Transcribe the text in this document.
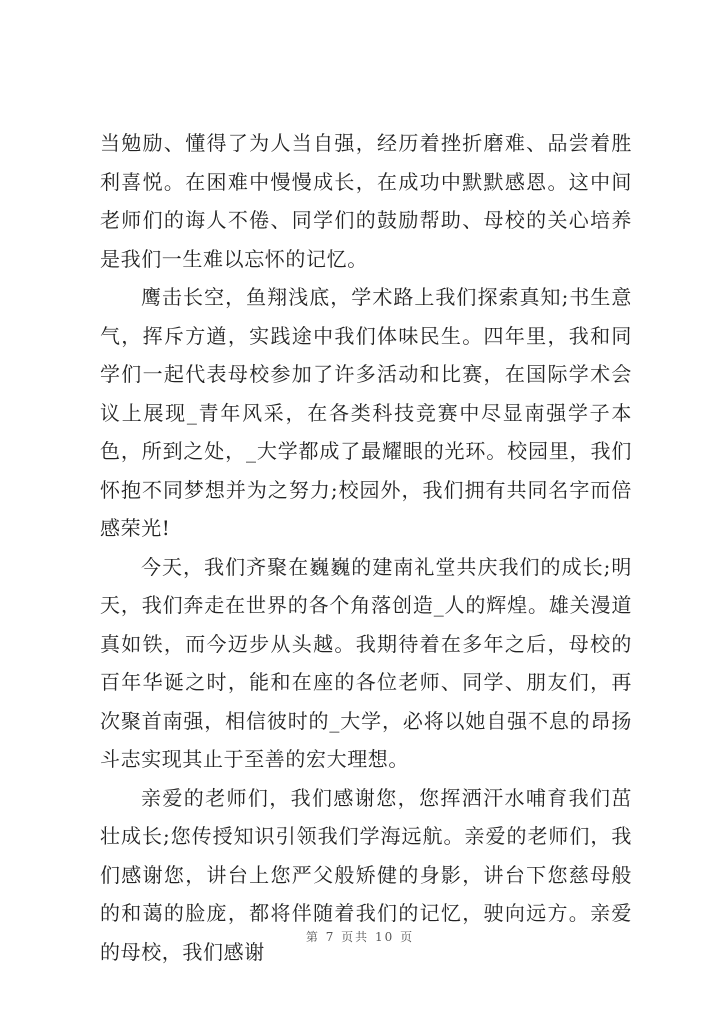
当勉励、懂得了为人当自强，经历着挫折磨难、品尝着胜利喜悦。在困难中慢慢成长，在成功中默默感恩。这中间老师们的诲人不倦、同学们的鼓励帮助、母校的关心培养是我们一生难以忘怀的记忆。

鹰击长空，鱼翔浅底，学术路上我们探索真知;书生意气，挥斥方遒，实践途中我们体味民生。四年里，我和同学们一起代表母校参加了许多活动和比赛，在国际学术会议上展现_青年风采，在各类科技竞赛中尽显南强学子本色，所到之处，_大学都成了最耀眼的光环。校园里，我们怀抱不同梦想并为之努力;校园外，我们拥有共同名字而倍感荣光!

今天，我们齐聚在巍巍的建南礼堂共庆我们的成长;明天，我们奔走在世界的各个角落创造_人的辉煌。雄关漫道真如铁，而今迈步从头越。我期待着在多年之后，母校的百年华诞之时，能和在座的各位老师、同学、朋友们，再次聚首南强，相信彼时的_大学，必将以她自强不息的昂扬斗志实现其止于至善的宏大理想。

亲爱的老师们，我们感谢您，您挥洒汗水哺育我们茁壮成长;您传授知识引领我们学海远航。亲爱的老师们，我们感谢您，讲台上您严父般矫健的身影，讲台下您慈母般的和蔼的脸庞，都将伴随着我们的记忆，驶向远方。亲爱的母校，我们感谢

第 7 页共 10 页
